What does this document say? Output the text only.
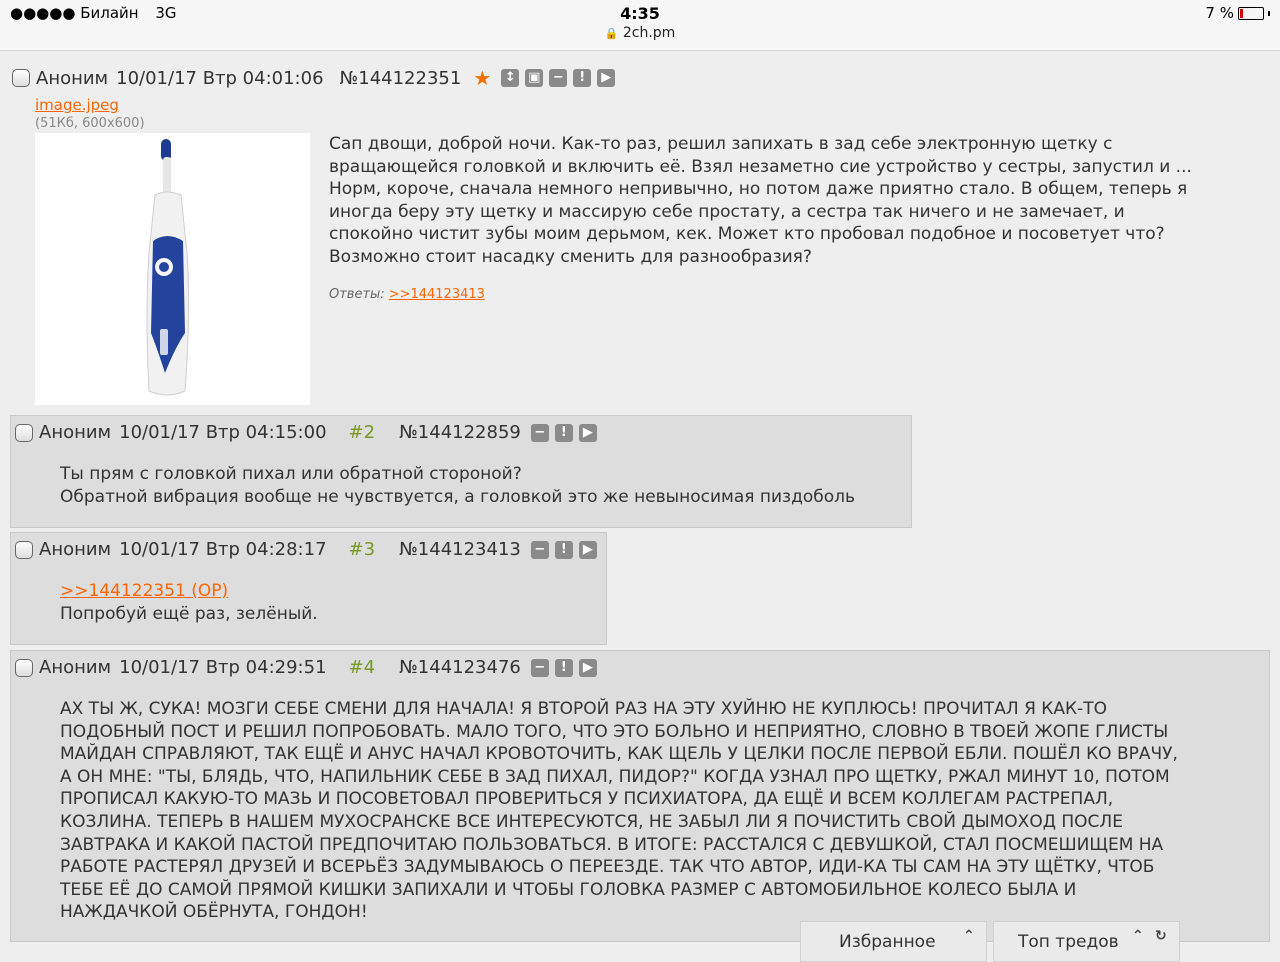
●●●●● Билайн 3G	4:35
🔒 2ch.pm
7 %
Аноним 10/01/17 Втр 04:01:06 №144122351 ★ ↕ ▣ −	!	▶
image.jpeg
(51Кб, 600x600)
Сап двощи, доброй ночи. Как-то раз, решил запихать в зад себе электронную щетку с вращающейся головкой и включить её. Взял незаметно сие устройство у сестры, запустил и ... Норм, короче, сначала немного непривычно, но потом даже приятно стало. В общем, теперь я иногда беру эту щетку и массирую себе простату, а сестра так ничего и не замечает, и спокойно чистит зубы моим дерьмом, кек. Может кто пробовал подобное и посоветует что? Возможно стоит насадку сменить для разнообразия?
Ответы: >>144123413
Аноним 10/01/17 Втр 04:15:00 #2 №144122859 −	!	▶
Ты прям с головкой пихал или обратной стороной?
Обратной вибрация вообще не чувствуется, а головкой это же невыносимая пиздоболь
Аноним 10/01/17 Втр 04:28:17 #3 №144123413 −	!	▶
>>144122351 (OP)
Попробуй ещё раз, зелёный.
Аноним 10/01/17 Втр 04:29:51 #4 №144123476 −	!	▶
АХ ТЫ Ж, СУКА! МОЗГИ СЕБЕ СМЕНИ ДЛЯ НАЧАЛА! Я ВТОРОЙ РАЗ НА ЭТУ ХУЙНЮ НЕ КУПЛЮСЬ! ПРОЧИТАЛ Я КАК-ТО
ПОДОБНЫЙ ПОСТ И РЕШИЛ ПОПРОБОВАТЬ. МАЛО ТОГО, ЧТО ЭТО БОЛЬНО И НЕПРИЯТНО, СЛОВНО В ТВОЕЙ ЖОПЕ ГЛИСТЫ
МАЙДАН СПРАВЛЯЮТ, ТАК ЕЩЁ И АНУС НАЧАЛ КРОВОТОЧИТЬ, КАК ЩЕЛЬ У ЦЕЛКИ ПОСЛЕ ПЕРВОЙ ЕБЛИ. ПОШЁЛ КО ВРАЧУ,
А ОН МНЕ: "ТЫ, БЛЯДЬ, ЧТО, НАПИЛЬНИК СЕБЕ В ЗАД ПИХАЛ, ПИДОР?" КОГДА УЗНАЛ ПРО ЩЕТКУ, РЖАЛ МИНУТ 10, ПОТОМ
ПРОПИСАЛ КАКУЮ-ТО МАЗЬ И ПОСОВЕТОВАЛ ПРОВЕРИТЬСЯ У ПСИХИАТОРА, ДА ЕЩЁ И ВСЕМ КОЛЛЕГАМ РАСТРЕПАЛ,
КОЗЛИНА. ТЕПЕРЬ В НАШЕМ МУХОСРАНСКЕ ВСЕ ИНТЕРЕСУЮТСЯ, НЕ ЗАБЫЛ ЛИ Я ПОЧИСТИТЬ СВОЙ ДЫМОХОД ПОСЛЕ
ЗАВТРАКА И КАКОЙ ПАСТОЙ ПРЕДПОЧИТАЮ ПОЛЬЗОВАТЬСЯ. В ИТОГЕ: РАССТАЛСЯ С ДЕВУШКОЙ, СТАЛ ПОСМЕШИЩЕМ НА
РАБОТЕ РАСТЕРЯЛ ДРУЗЕЙ И ВСЕРЬЁЗ ЗАДУМЫВАЮСЬ О ПЕРЕЕЗДЕ. ТАК ЧТО АВТОР, ИДИ-КА ТЫ САМ НА ЭТУ ЩЁТКУ, ЧТОБ
ТЕБЕ ЕЁ ДО САМОЙ ПРЯМОЙ КИШКИ ЗАПИХАЛИ И ЧТОБЫ ГОЛОВКА РАЗМЕР С АВТОМОБИЛЬНОЕ КОЛЕСО БЫЛА И
НАЖДАЧКОЙ ОБЁРНУТА, ГОНДОН!
Избранное ⌃	Топ тредов ⌃ ↻
